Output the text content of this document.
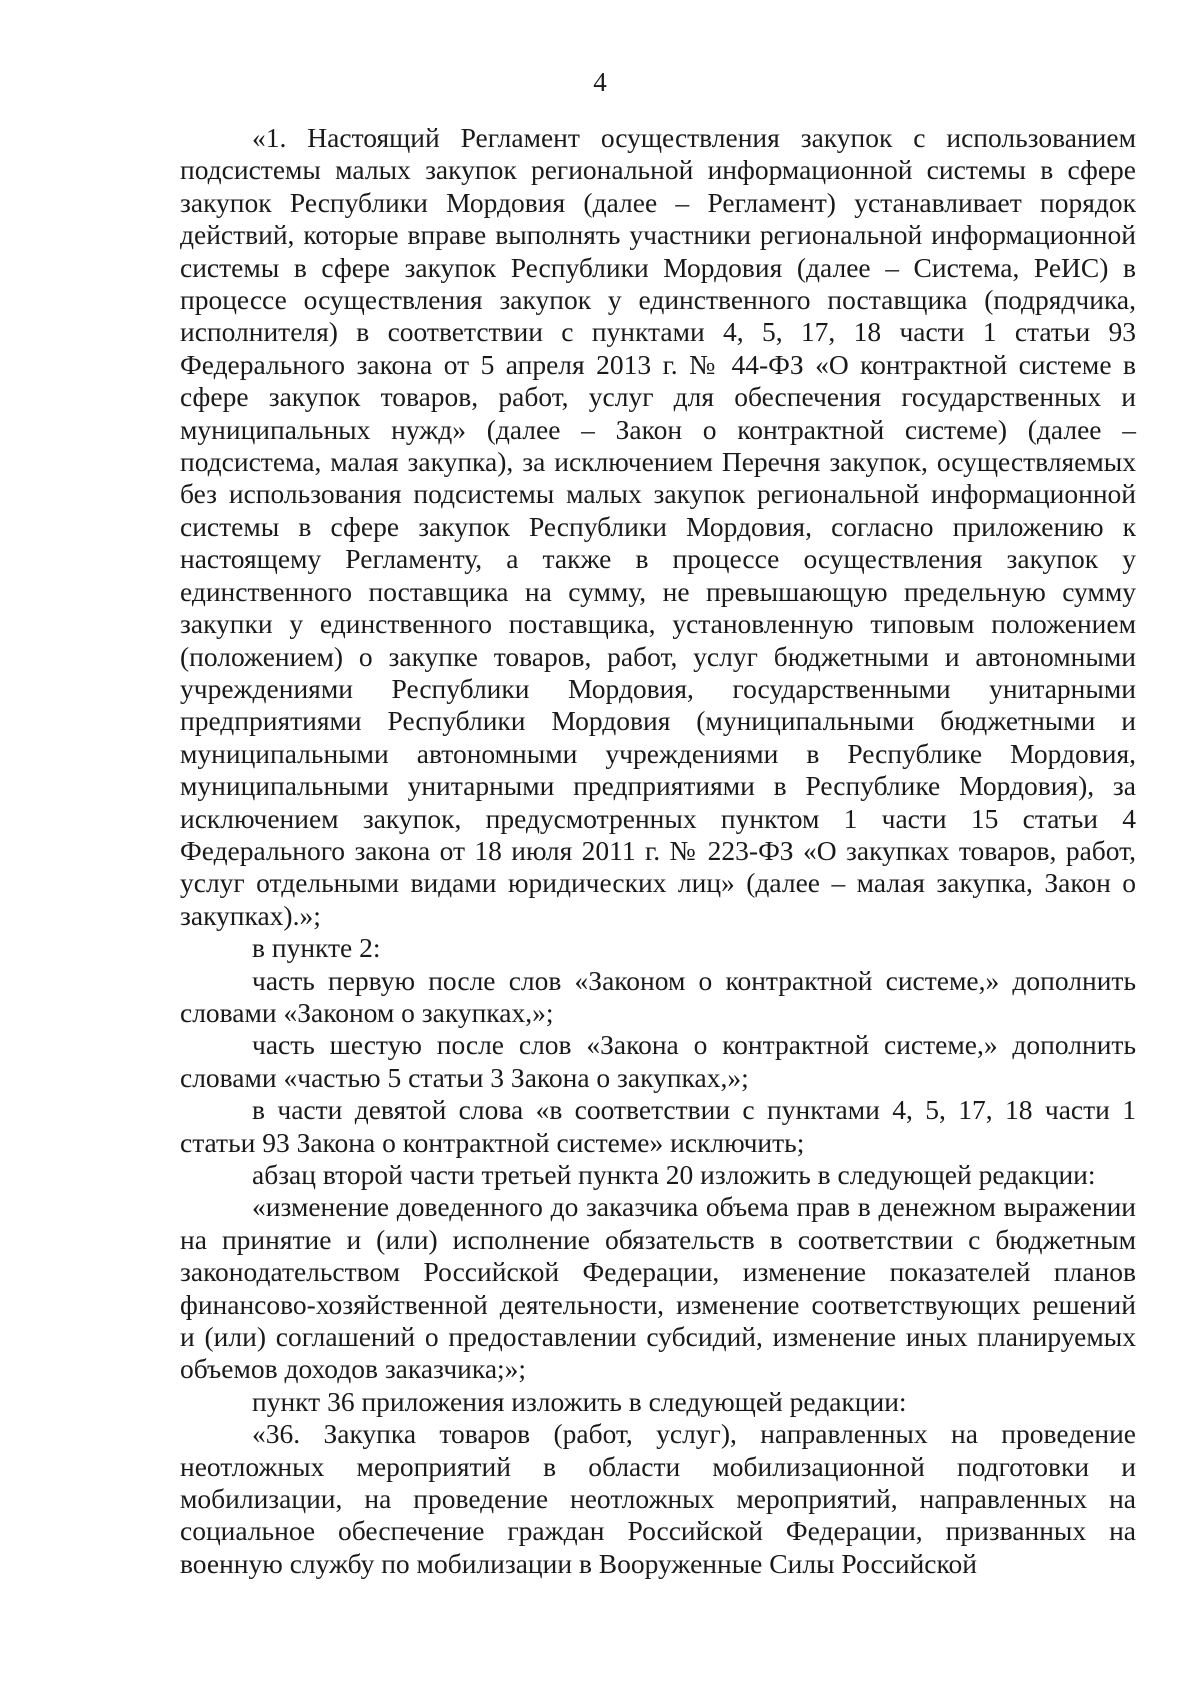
4

«1. Настоящий Регламент осуществления закупок с использованием подсистемы малых закупок региональной информационной системы в сфере закупок Республики Мордовия (далее – Регламент) устанавливает порядок действий, которые вправе выполнять участники региональной информационной системы в сфере закупок Республики Мордовия (далее – Система, РеИС) в процессе осуществления закупок у единственного поставщика (подрядчика, исполнителя) в соответствии с пунктами 4, 5, 17, 18 части 1 статьи 93 Федерального закона от 5 апреля 2013 г. № 44-ФЗ «О контрактной системе в сфере закупок товаров, работ, услуг для обеспечения государственных и муниципальных нужд» (далее – Закон о контрактной системе) (далее – подсистема, малая закупка), за исключением Перечня закупок, осуществляемых без использования подсистемы малых закупок региональной информационной системы в сфере закупок Республики Мордовия, согласно приложению к настоящему Регламенту, а также в процессе осуществления закупок у единственного поставщика на сумму, не превышающую предельную сумму закупки у единственного поставщика, установленную типовым положением (положением) о закупке товаров, работ, услуг бюджетными и автономными учреждениями Республики Мордовия, государственными унитарными предприятиями Республики Мордовия (муниципальными бюджетными и муниципальными автономными учреждениями в Республике Мордовия, муниципальными унитарными предприятиями в Республике Мордовия), за исключением закупок, предусмотренных пунктом 1 части 15 статьи 4 Федерального закона от 18 июля 2011 г. № 223-ФЗ «О закупках товаров, работ, услуг отдельными видами юридических лиц» (далее – малая закупка, Закон о закупках).»;

в пункте 2:

часть первую после слов «Законом о контрактной системе,» дополнить словами «Законом о закупках,»;

часть шестую после слов «Закона о контрактной системе,» дополнить словами «частью 5 статьи 3 Закона о закупках,»;

в части девятой слова «в соответствии с пунктами 4, 5, 17, 18 части 1 статьи 93 Закона о контрактной системе» исключить;

абзац второй части третьей пункта 20 изложить в следующей редакции:

«изменение доведенного до заказчика объема прав в денежном выражении на принятие и (или) исполнение обязательств в соответствии с бюджетным законодательством Российской Федерации, изменение показателей планов финансово-хозяйственной деятельности, изменение соответствующих решений и (или) соглашений о предоставлении субсидий, изменение иных планируемых объемов доходов заказчика;»;

пункт 36 приложения изложить в следующей редакции:

«36. Закупка товаров (работ, услуг), направленных на проведение неотложных мероприятий в области мобилизационной подготовки и мобилизации, на проведение неотложных мероприятий, направленных на социальное обеспечение граждан Российской Федерации, призванных на военную службу по мобилизации в Вооруженные Силы Российской
